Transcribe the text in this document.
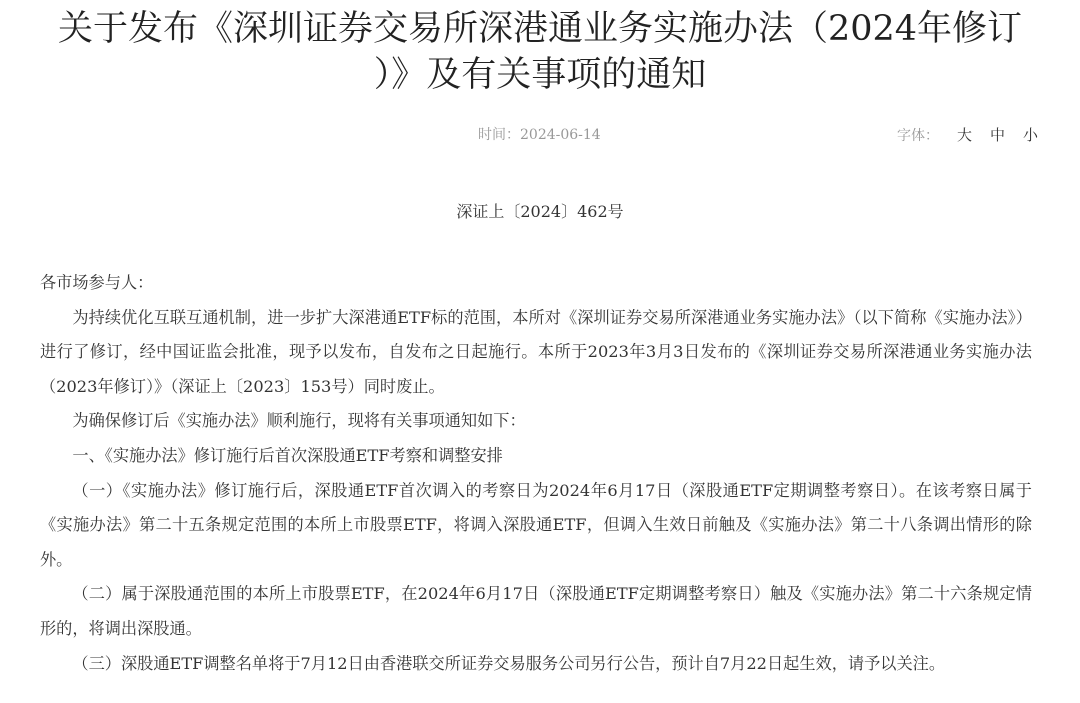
关于发布《深圳证券交易所深港通业务实施办法（2024年修订
）》及有关事项的通知
时间：2024-06-14	字体： 大 中 小
深证上〔2024〕462号

各市场参与人：

为持续优化互联互通机制，进一步扩大深港通ETF标的范围，本所对《深圳证券交易所深港通业务实施办法》（以下简称《实施办法》）进行了修订，经中国证监会批准，现予以发布，自发布之日起施行。本所于2023年3月3日发布的《深圳证券交易所深港通业务实施办法（2023年修订）》（深证上〔2023〕153号）同时废止。

为确保修订后《实施办法》顺利施行，现将有关事项通知如下：

一、《实施办法》修订施行后首次深股通ETF考察和调整安排

（一）《实施办法》修订施行后，深股通ETF首次调入的考察日为2024年6月17日（深股通ETF定期调整考察日）。在该考察日属于《实施办法》第二十五条规定范围的本所上市股票ETF，将调入深股通ETF，但调入生效日前触及《实施办法》第二十八条调出情形的除外。

（二）属于深股通范围的本所上市股票ETF，在2024年6月17日（深股通ETF定期调整考察日）触及《实施办法》第二十六条规定情形的，将调出深股通。

（三）深股通ETF调整名单将于7月12日由香港联交所证券交易服务公司另行公告，预计自7月22日起生效，请予以关注。
